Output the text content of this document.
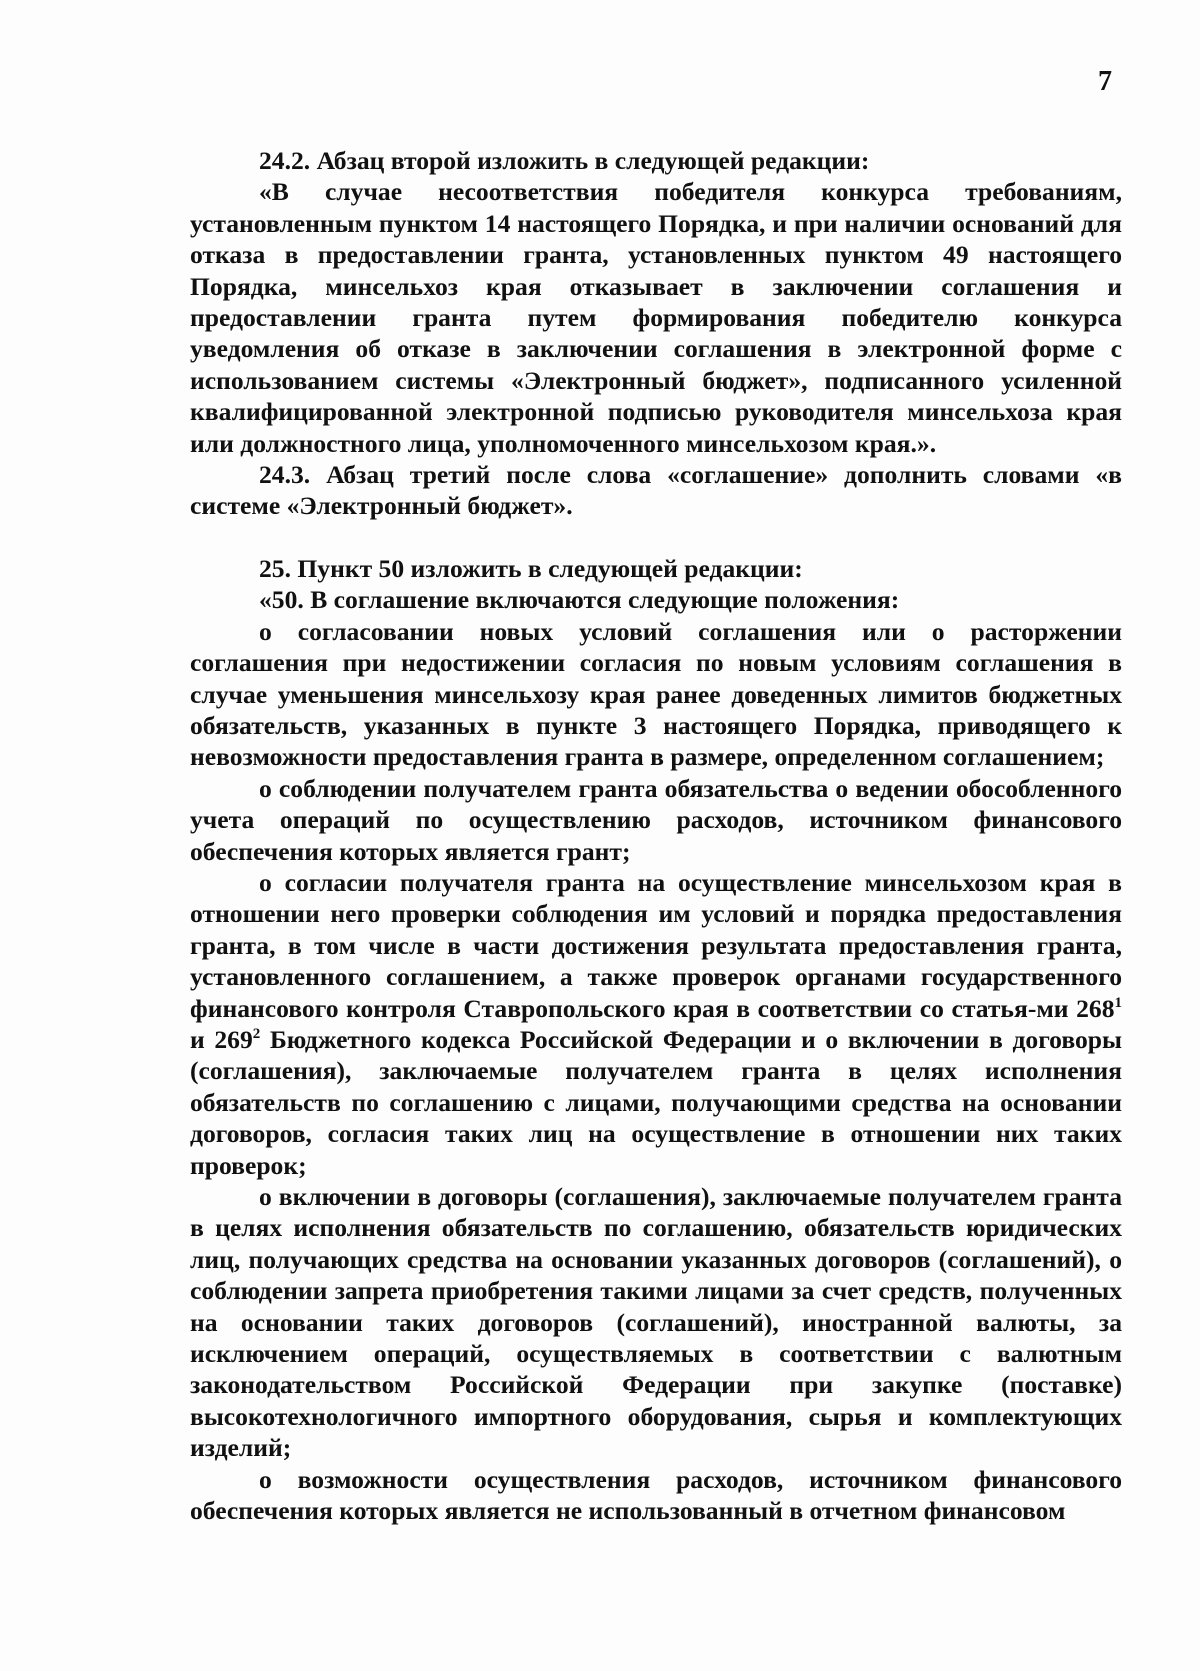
7

24.2. Абзац второй изложить в следующей редакции:

«В случае несоответствия победителя конкурса требованиям, установленным пунктом 14 настоящего Порядка, и при наличии оснований для отказа в предоставлении гранта, установленных пунктом 49 настоящего Порядка, минсельхоз края отказывает в заключении соглашения и предоставлении гранта путем формирования победителю конкурса уведомления об отказе в заключении соглашения в электронной форме с использованием системы «Электронный бюджет», подписанного усиленной квалифицированной электронной подписью руководителя минсельхоза края или должностного лица, уполномоченного минсельхозом края.».

24.3. Абзац третий после слова «соглашение» дополнить словами «в системе «Электронный бюджет».

25. Пункт 50 изложить в следующей редакции:

«50. В соглашение включаются следующие положения:

о согласовании новых условий соглашения или о расторжении соглашения при недостижении согласия по новым условиям соглашения в случае уменьшения минсельхозу края ранее доведенных лимитов бюджетных обязательств, указанных в пункте 3 настоящего Порядка, приводящего к невозможности предоставления гранта в размере, определенном соглашением;

о соблюдении получателем гранта обязательства о ведении обособленного учета операций по осуществлению расходов, источником финансового обеспечения которых является грант;

о согласии получателя гранта на осуществление минсельхозом края в отношении него проверки соблюдения им условий и порядка предоставления гранта, в том числе в части достижения результата предоставления гранта, установленного соглашением, а также проверок органами государственного финансового контроля Ставропольского края в соответствии со статья-ми $268^1$ и $269^2$ Бюджетного кодекса Российской Федерации и о включении в договоры (соглашения), заключаемые получателем гранта в целях исполнения обязательств по соглашению с лицами, получающими средства на основании договоров, согласия таких лиц на осуществление в отношении них таких проверок;

о включении в договоры (соглашения), заключаемые получателем гранта в целях исполнения обязательств по соглашению, обязательств юридических лиц, получающих средства на основании указанных договоров (соглашений), о соблюдении запрета приобретения такими лицами за счет средств, полученных на основании таких договоров (соглашений), иностранной валюты, за исключением операций, осуществляемых в соответствии с валютным законодательством Российской Федерации при закупке (поставке) высокотехнологичного импортного оборудования, сырья и комплектующих изделий;

о возможности осуществления расходов, источником финансового обеспечения которых является не использованный в отчетном финансовом
